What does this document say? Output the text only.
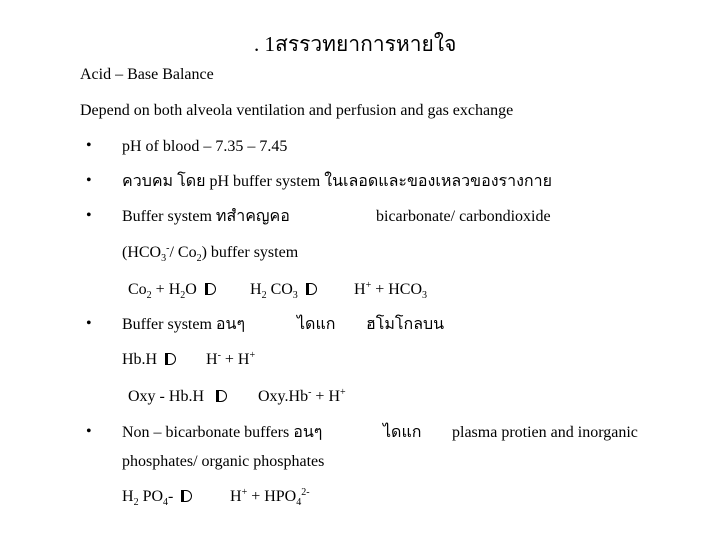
. 1สรรวทยาการหายใจ
Acid – Base Balance
Depend on both alveola ventilation and perfusion and gas exchange
• pH of blood – 7.35 – 7.45
• ควบคม โดย pH buffer system ในเลอดและของเหลวของรางกาย
• Buffer system ทสำคญคอ	bicarbonate/ carbondioxide
($HCO_3^-/$ $Co_2$) buffer system
$Co_2 + H_2O$	$H_2$ $CO_3$	$H^+ + HCO_3$
• Buffer system อนๆ	ไดแก ฮโมโกลบน
Hb.H	H- + H+
Oxy - Hb.H	Oxy.Hb- + H+
• Non – bicarbonate buffers อนๆ	ไดแก plasma protien and inorganic
phosphates/ organic phosphates
$H_2$ $PO_4-$	$H^+ + HPO_4^{2-}$
